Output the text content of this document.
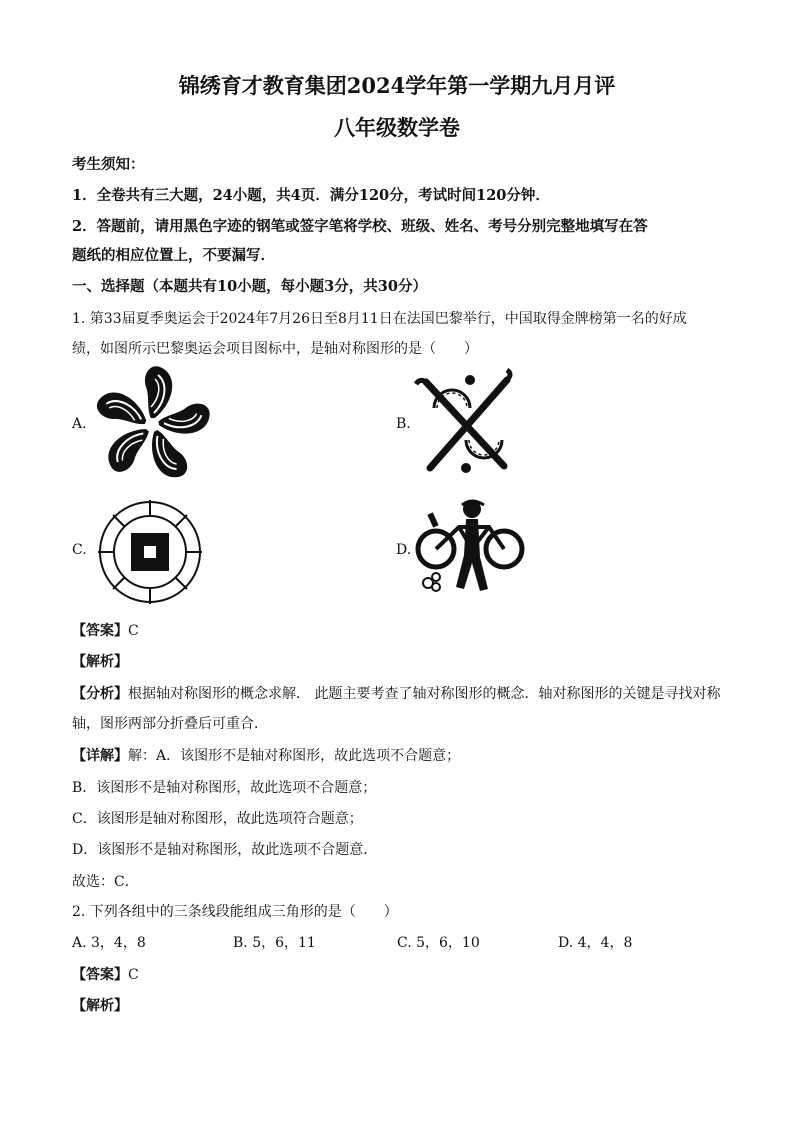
锦绣育才教育集团2024学年第一学期九月月评
八年级数学卷
考生须知：
1．全卷共有三大题，24小题，共4页．满分120分，考试时间120分钟．
2．答题前，请用黑色字迹的钢笔或签字笔将学校、班级、姓名、考号分别完整地填写在答
题纸的相应位置上，不要漏写．
一、选择题（本题共有10小题，每小题3分，共30分）
1. 第33届夏季奥运会于2024年7月26日至8月11日在法国巴黎举行，中国取得金牌榜第一名的好成
绩，如图所示巴黎奥运会项目图标中，是轴对称图形的是（　　）
A.	B.
C.	D.
【答案】C
【解析】
【分析】根据轴对称图形的概念求解． 此题主要考查了轴对称图形的概念．轴对称图形的关键是寻找对称
轴，图形两部分折叠后可重合．
【详解】解：A．该图形不是轴对称图形，故此选项不合题意；
B．该图形不是轴对称图形，故此选项不合题意；
C．该图形是轴对称图形，故此选项符合题意；
D．该图形不是轴对称图形，故此选项不合题意．
故选：C．
2. 下列各组中的三条线段能组成三角形的是（　　）
A. 3，4，8	B. 5，6，11	C. 5，6，10	D. 4，4，8
【答案】C
【解析】
